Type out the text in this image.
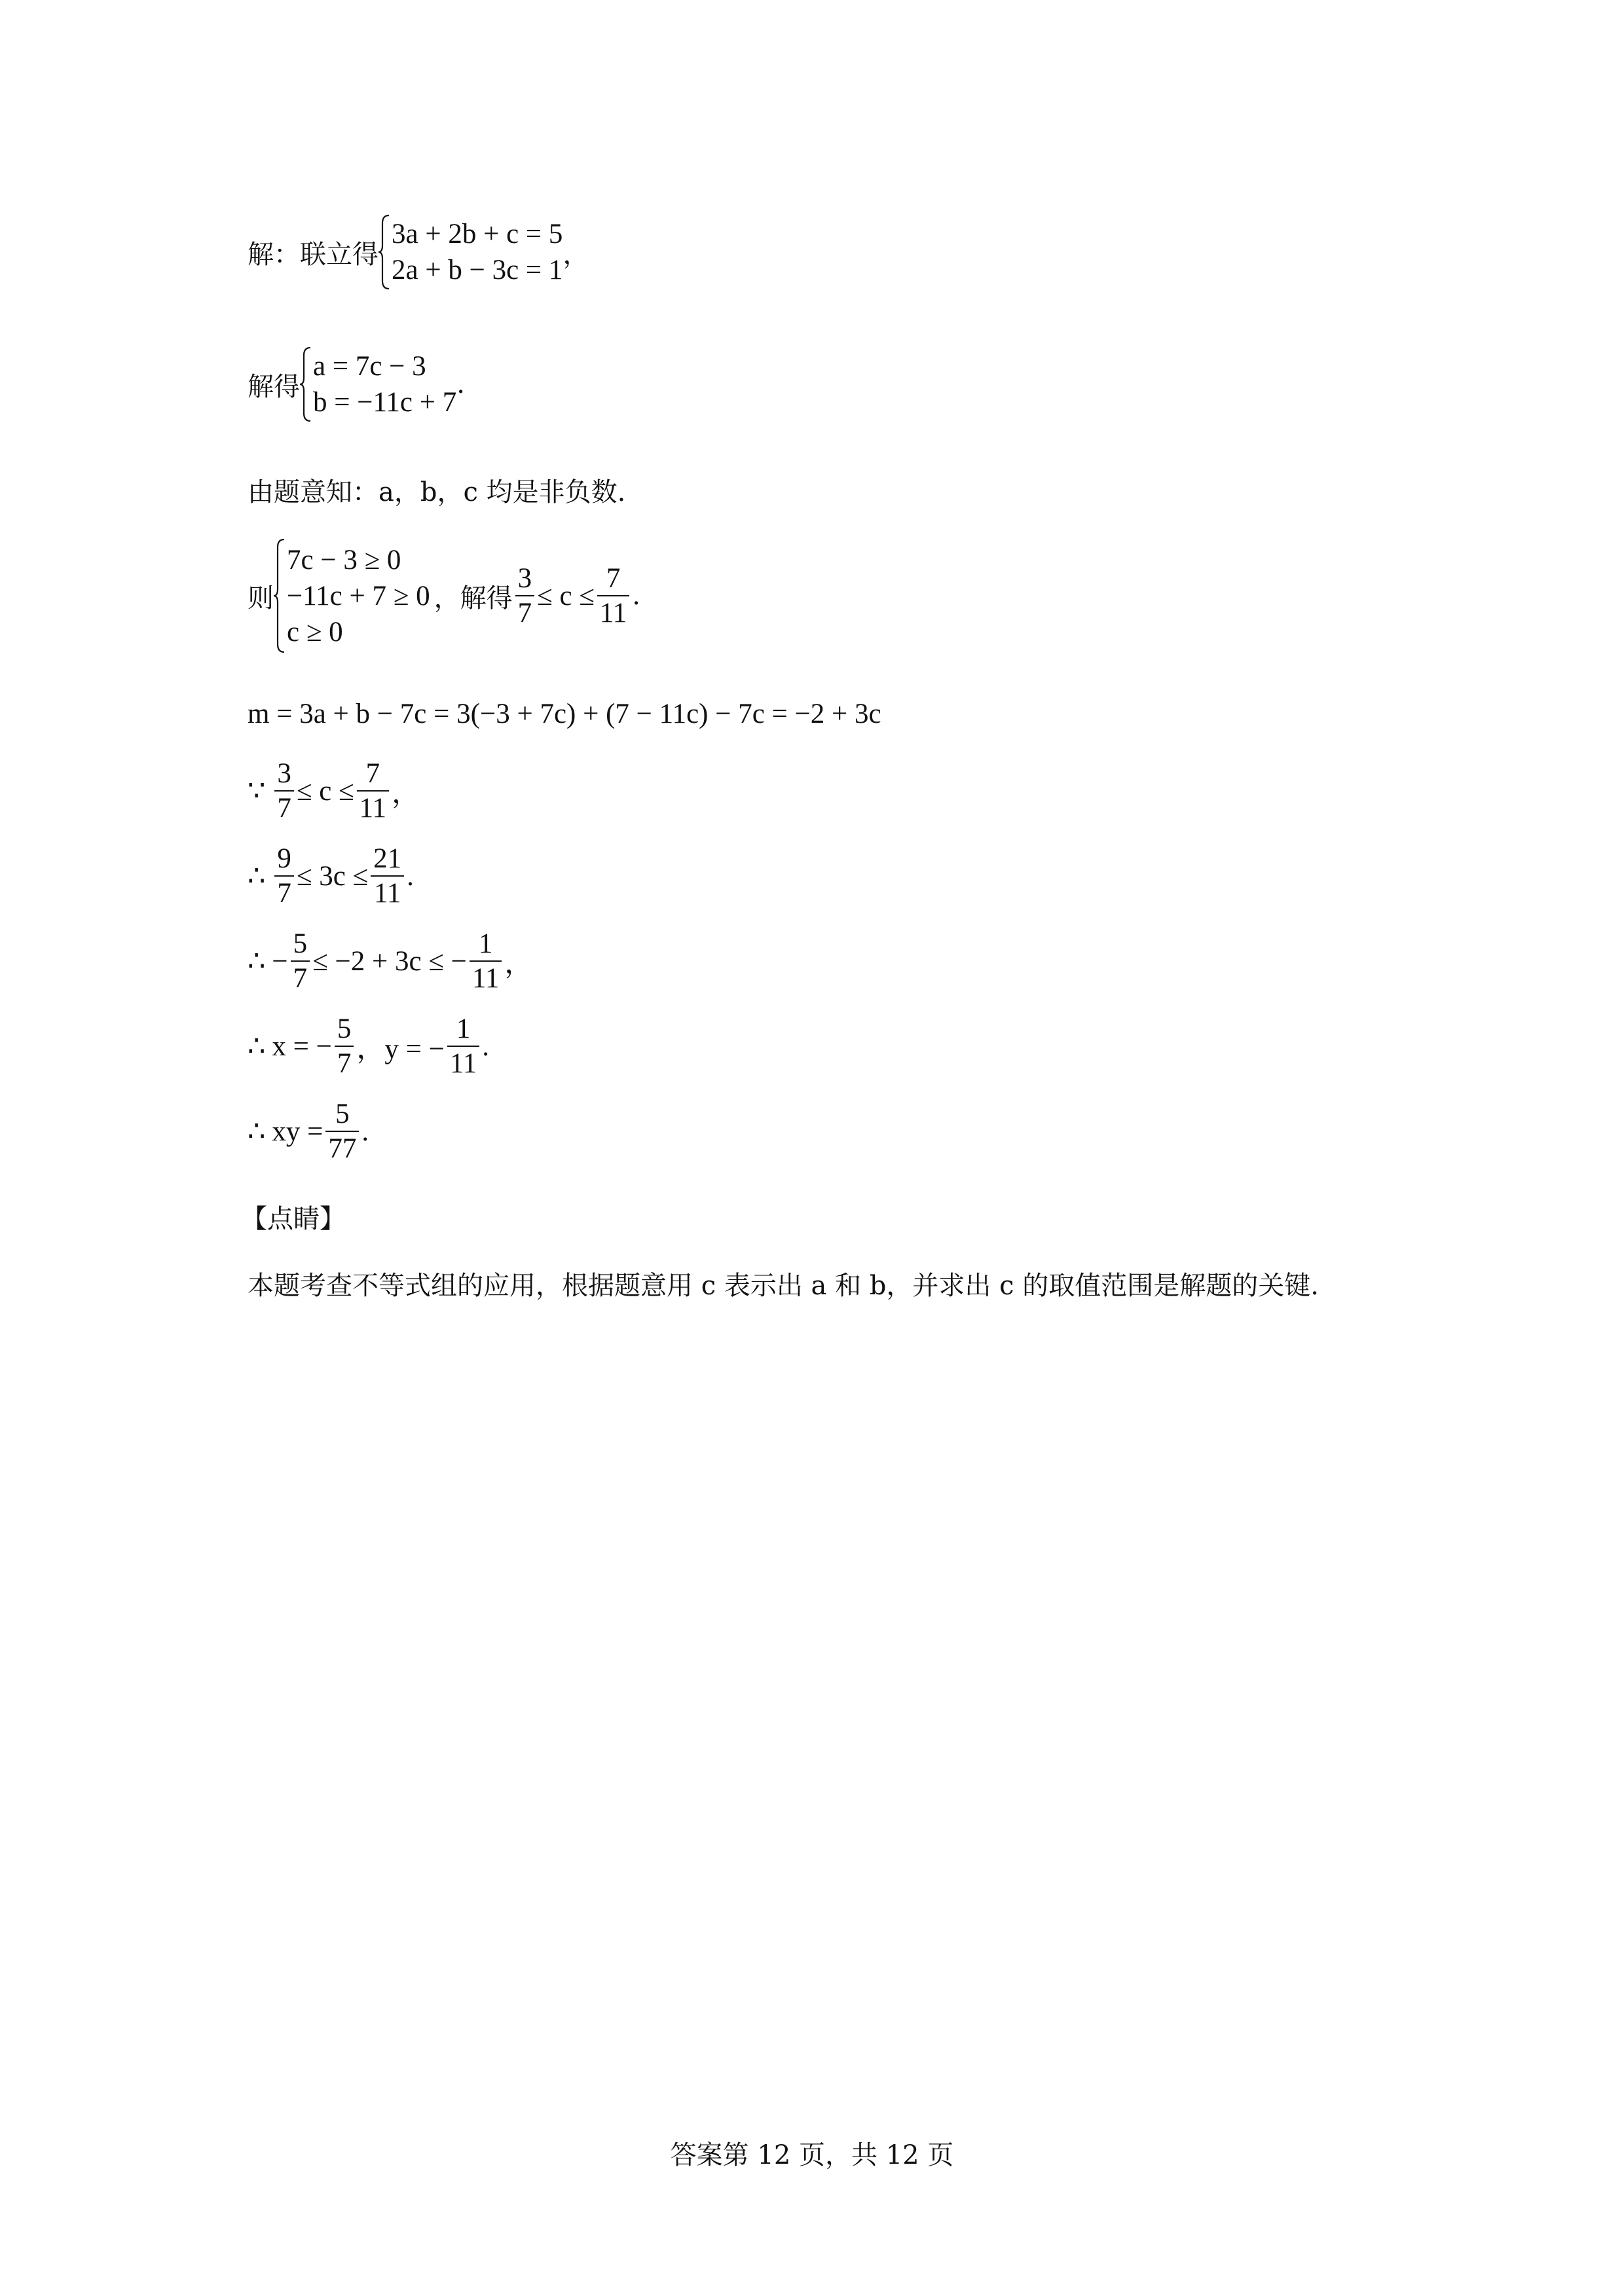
解：联立得
3a + 2b + c = 5
2a + b − 3c = 1
，
解得
a = 7c − 3
b = −11c + 7
.
由题意知：a，b，c 均是非负数.
则
7c − 3 ≥ 0
−11c + 7 ≥ 0
c ≥ 0
，解得 $\frac{3}{7} \le c \le \frac{7}{11}$ .
m = 3a + b − 7c = 3(−3 + 7c) + (7 − 11c) − 7c = −2 + 3c
∵ $\frac{3}{7} \le c \le \frac{7}{11}$ ，
∴ $\frac{9}{7} \le 3c \le \frac{21}{11}$ .
∴ − $\frac{5}{7} \le -2 + 3c$ ≤ − $\frac{1}{11}$ ，
∴ x = − $\frac{5}{7}$ ，y = − $\frac{1}{11}$ .
∴ xy = $\frac{5}{77}$ .
【点睛】
本题考查不等式组的应用，根据题意用 c 表示出 a 和 b，并求出 c 的取值范围是解题的关键.
答案第 12 页，共 12 页
